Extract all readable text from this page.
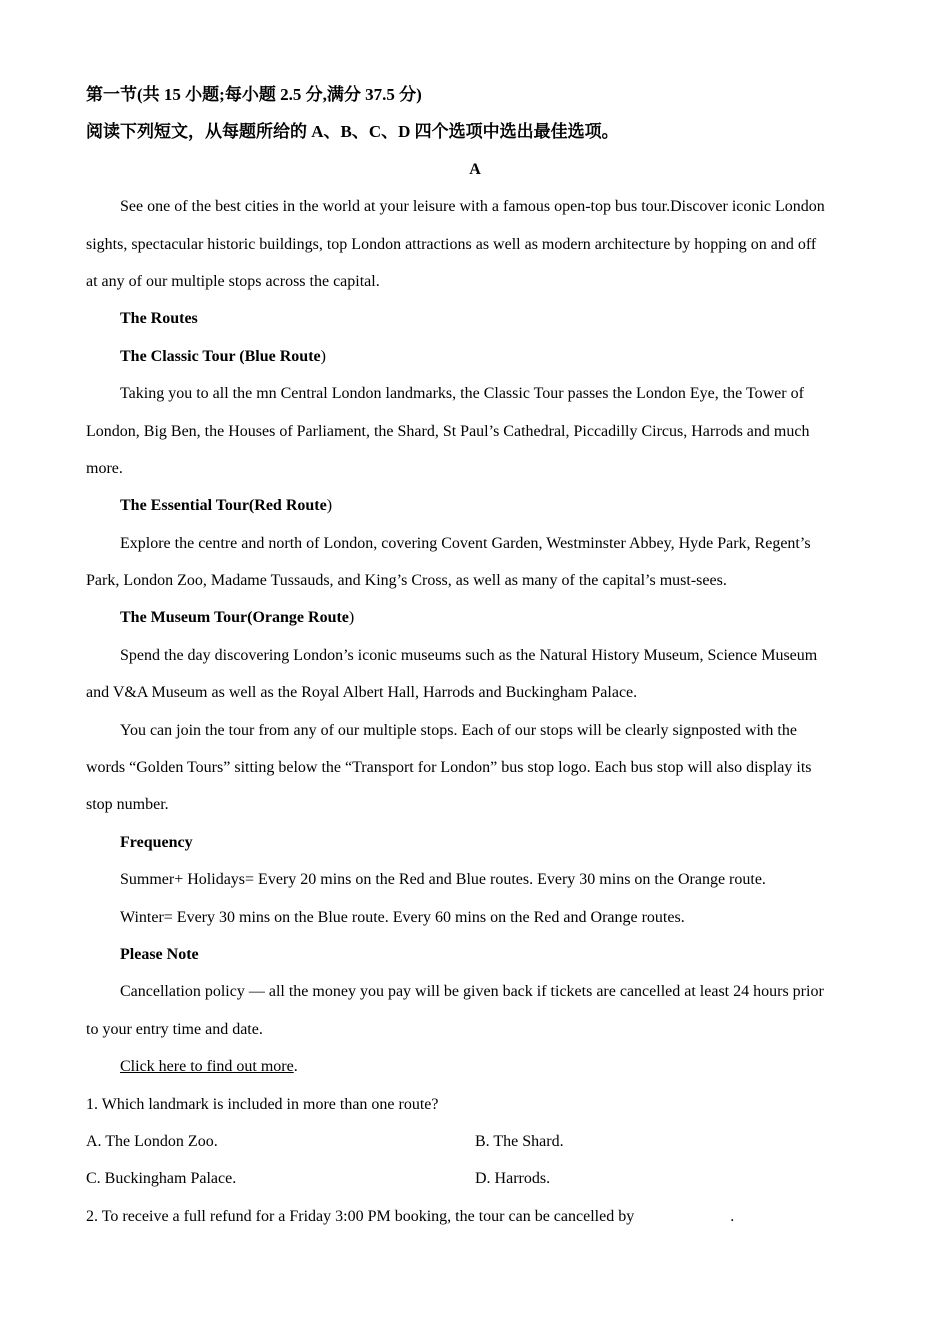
第一节(共 15 小题;每小题 2.5 分,满分 37.5 分)
阅读下列短文，从每题所给的 A、B、C、D 四个选项中选出最佳选项。
A
See one of the best cities in the world at your leisure with a famous open-top bus tour.Discover iconic London
sights, spectacular historic buildings, top London attractions as well as modern architecture by hopping on and off
at any of our multiple stops across the capital.
The Routes
The Classic Tour (Blue Route)
Taking you to all the mn Central London landmarks, the Classic Tour passes the London Eye, the Tower of
London, Big Ben, the Houses of Parliament, the Shard, St Paul’s Cathedral, Piccadilly Circus, Harrods and much
more.
The Essential Tour(Red Route)
Explore the centre and north of London, covering Covent Garden, Westminster Abbey, Hyde Park, Regent’s
Park, London Zoo, Madame Tussauds, and King’s Cross, as well as many of the capital’s must-sees.
The Museum Tour(Orange Route)
Spend the day discovering London’s iconic museums such as the Natural History Museum, Science Museum
and V&A Museum as well as the Royal Albert Hall, Harrods and Buckingham Palace.
You can join the tour from any of our multiple stops. Each of our stops will be clearly signposted with the
words “Golden Tours” sitting below the “Transport for London” bus stop logo. Each bus stop will also display its
stop number.
Frequency
Summer+ Holidays= Every 20 mins on the Red and Blue routes. Every 30 mins on the Orange route.
Winter= Every 30 mins on the Blue route. Every 60 mins on the Red and Orange routes.
Please Note
Cancellation policy — all the money you pay will be given back if tickets are cancelled at least 24 hours prior
to your entry time and date.
Click here to find out more.
1. Which landmark is included in more than one route?
A. The London Zoo.	B. The Shard.
C. Buckingham Palace.	D. Harrods.
2. To receive a full refund for a Friday 3:00 PM booking, the tour can be cancelled by	.
